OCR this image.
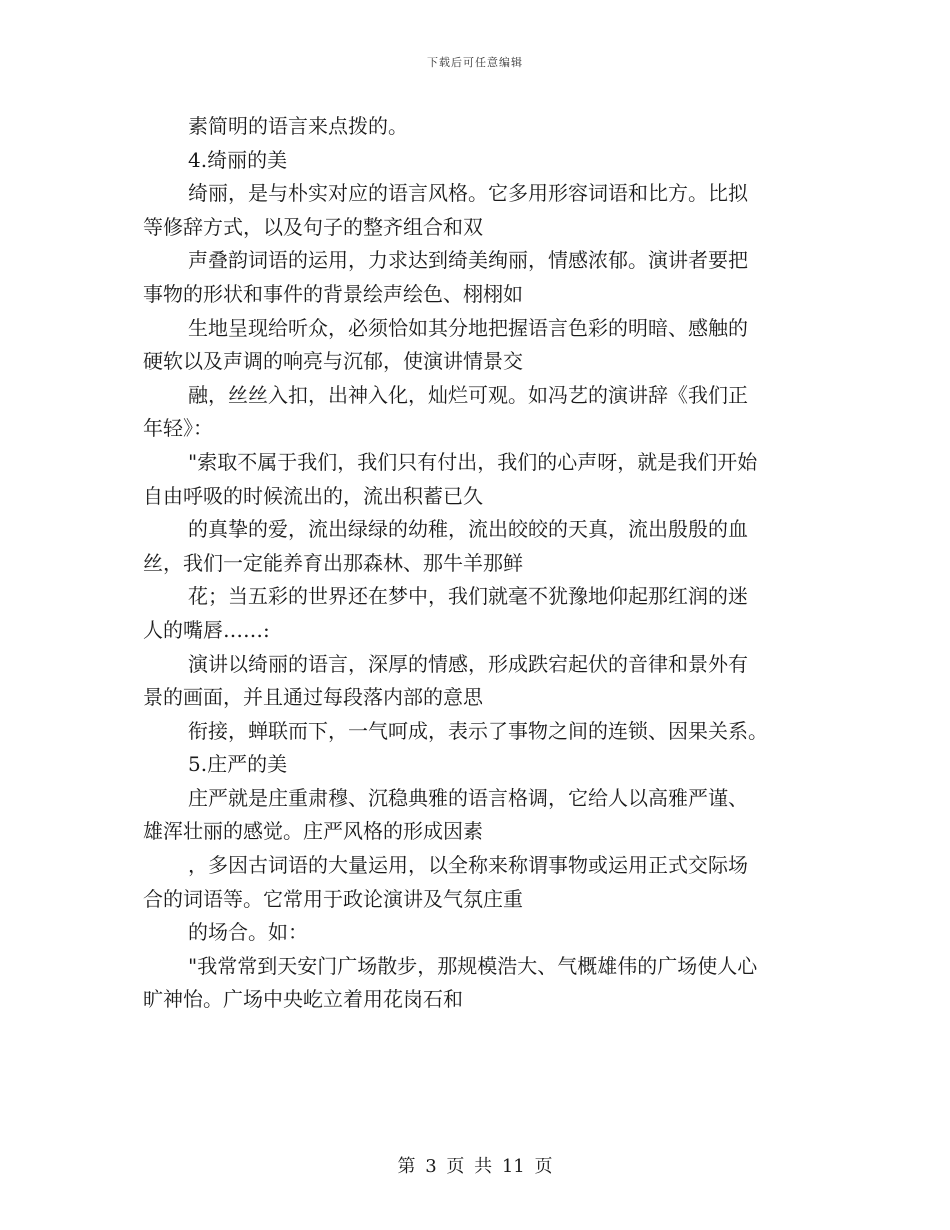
下载后可任意编辑
素简明的语言来点拨的。
4.绮丽的美
绮丽，是与朴实对应的语言风格。它多用形容词语和比方。比拟
等修辞方式，以及句子的整齐组合和双
声叠韵词语的运用，力求达到绮美绚丽，情感浓郁。演讲者要把
事物的形状和事件的背景绘声绘色、栩栩如
生地呈现给听众，必须恰如其分地把握语言色彩的明暗、感触的
硬软以及声调的响亮与沉郁，使演讲情景交
融，丝丝入扣，出神入化，灿烂可观。如冯艺的演讲辞《我们正
年轻》：
"索取不属于我们，我们只有付出，我们的心声呀，就是我们开始
自由呼吸的时候流出的，流出积蓄已久
的真挚的爱，流出绿绿的幼稚，流出皎皎的天真，流出殷殷的血
丝，我们一定能养育出那森林、那牛羊那鲜
花；当五彩的世界还在梦中，我们就毫不犹豫地仰起那红润的迷
人的嘴唇……:
演讲以绮丽的语言，深厚的情感，形成跌宕起伏的音律和景外有
景的画面，并且通过每段落内部的意思
衔接，蝉联而下，一气呵成，表示了事物之间的连锁、因果关系。
5.庄严的美
庄严就是庄重肃穆、沉稳典雅的语言格调，它给人以高雅严谨、
雄浑壮丽的感觉。庄严风格的形成因素
，多因古词语的大量运用，以全称来称谓事物或运用正式交际场
合的词语等。它常用于政论演讲及气氛庄重
的场合。如：
"我常常到天安门广场散步，那规模浩大、气概雄伟的广场使人心
旷神怡。广场中央屹立着用花岗石和
第 3 页 共 11 页
